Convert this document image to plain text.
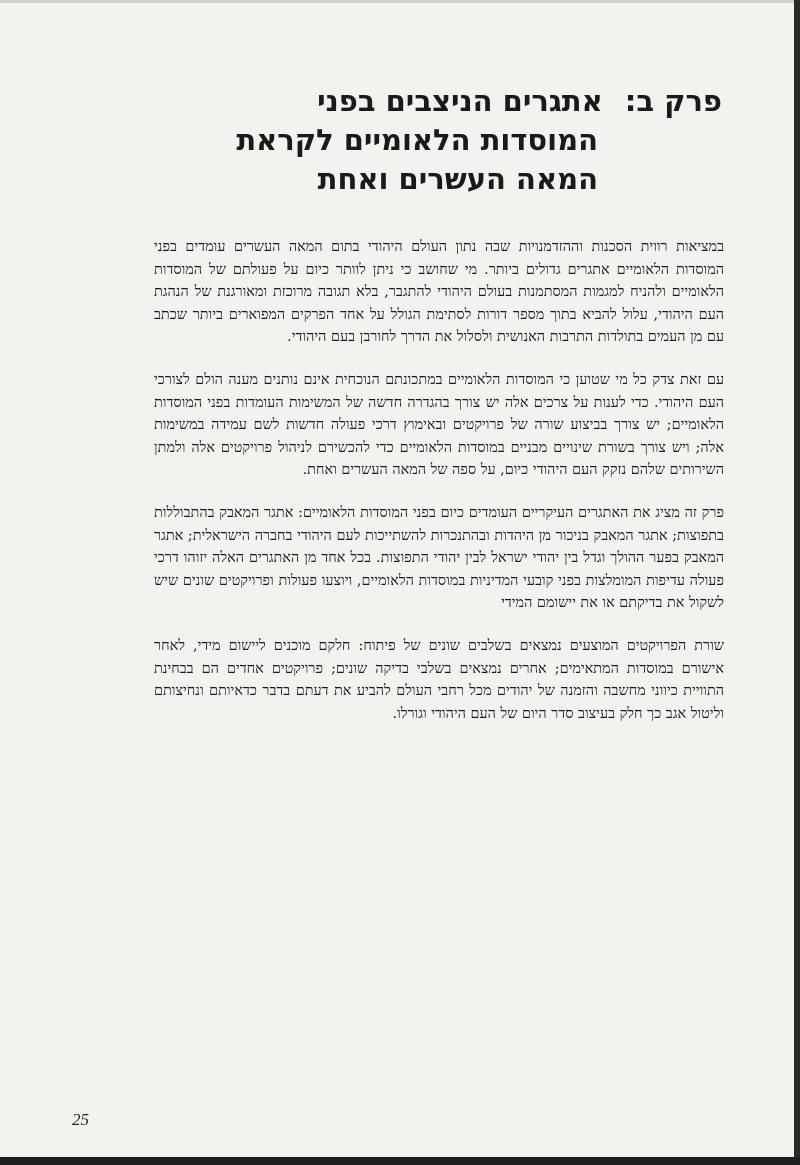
פרק ב:אתגרים הניצבים בפני
המוסדות הלאומיים לקראת
המאה העשרים ואחת

במציאות רווית הסכנות וההזדמנויות שבה נתון העולם היהודי בתום המאה העשרים עומדים בפני המוסדות הלאומיים אתגרים גדולים ביותר. מי שחושב כי ניתן לוותר כיום על פעולתם של המוסדות הלאומיים ולהניח למגמות המסתמנות בעולם היהודי להתגבר, בלא תגובה מרוכזת ומאורגנת של הנהגת העם היהודי, עלול להביא בתוך מספר דורות לסתימת הגולל על אחד הפרקים המפוארים ביותר שכתב עם מן העמים בתולדות התרבות האנושית ולסלול את הדרך לחורבן בעם היהודי.

עם זאת צדק כל מי שטוען כי המוסדות הלאומיים במתכונתם הנוכחית אינם נותנים מענה הולם לצורכי העם היהודי. כדי לענות על צרכים אלה יש צורך בהגדרה חדשה של המשימות העומדות בפני המוסדות הלאומיים; יש צורך בביצוע שורה של פרויקטים ובאימוץ דרכי פעולה חדשות לשם עמידה במשימות אלה; ויש צורך בשורת שינויים מבניים במוסדות הלאומיים כדי להכשירם לניהול פרויקטים אלה ולמתן השירותים שלהם נזקק העם היהודי כיום, על ספה של המאה העשרים ואחת.

פרק זה מציג את האתגרים העיקריים העומדים כיום בפני המוסדות הלאומיים: אתגר המאבק בהתבוללות בתפוצות; אתגר המאבק בניכור מן היהדות ובהתנכרות להשתייכות לעם היהודי בחברה הישראלית; אתגר המאבק בפער ההולך וגדל בין יהודי ישראל לבין יהודי התפוצות. בכל אחד מן האתגרים האלה יזוהו דרכי פעולה עדיפות המומלצות בפני קובעי המדיניות במוסדות הלאומיים, ויוצעו פעולות ופרויקטים שונים שיש לשקול את בדיקתם או את יישומם המידי

שורת הפרויקטים המוצעים נמצאים בשלבים שונים של פיתוח: חלקם מוכנים ליישום מידי, לאחר אישורם במוסדות המתאימים; אחרים נמצאים בשלבי בדיקה שונים; פרויקטים אחדים הם בבחינת התוויית כיווני מחשבה והזמנה של יהודים מכל רחבי העולם להביע את דעתם בדבר כדאיותם ונחיצותם וליטול אגב כך חלק בעיצוב סדר היום של העם היהודי וגורלו.

25
